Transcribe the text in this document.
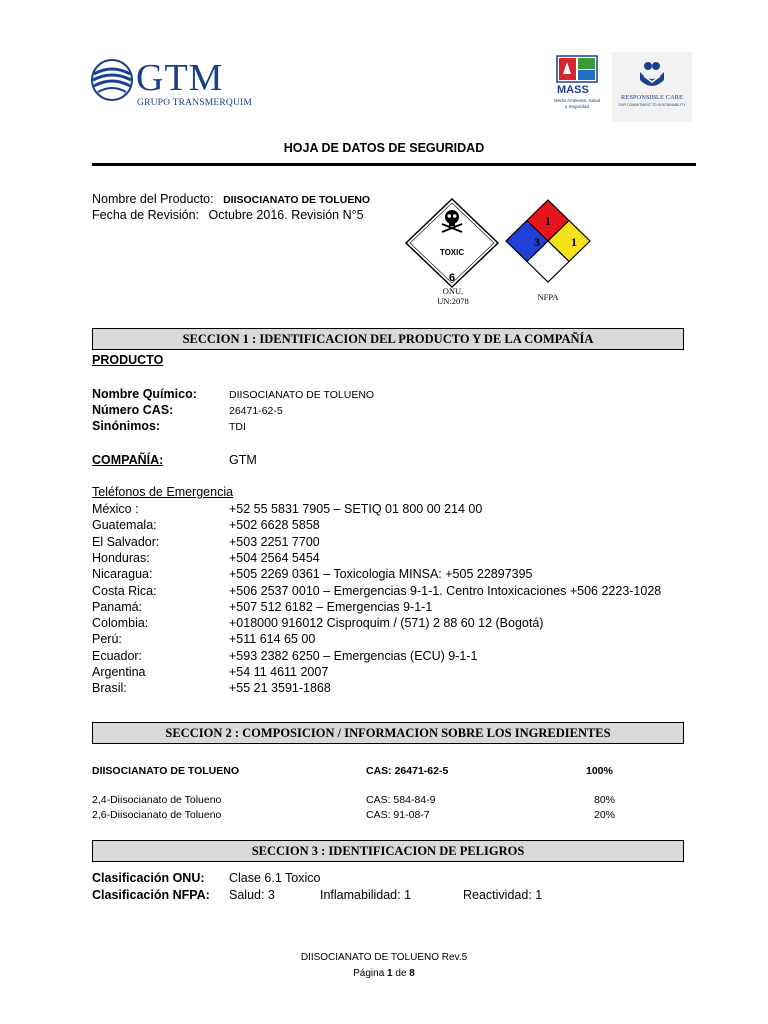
GTM
GRUPO TRANSMERQUIM
MASS
Medio Ambiente, Salud y Seguridad
RESPONSIBLE CARE
OUR COMMITMENT TO SUSTAINABILITY
HOJA DE DATOS DE SEGURIDAD
Nombre del Producto: DIISOCIANATO DE TOLUENO
Fecha de Revisión: Octubre 2016. Revisión N°5
TOXIC
6
ONU.
UN:2078
1
3	1
NFPA
SECCION 1 : IDENTIFICACION DEL PRODUCTO Y DE LA COMPAÑÍA
PRODUCTO
Nombre Químico:	DIISOCIANATO DE TOLUENO
Número CAS:	26471-62-5
Sinónimos:	TDI
COMPAÑÍA:	GTM
Teléfonos de Emergencia
México :	+52 55 5831 7905 – SETIQ 01 800 00 214 00
Guatemala:	+502 6628 5858
El Salvador:	+503 2251 7700
Honduras:	+504 2564 5454
Nicaragua:	+505 2269 0361 – Toxicologia MINSA: +505 22897395
Costa Rica:	+506 2537 0010 – Emergencias 9-1-1. Centro Intoxicaciones +506 2223-1028
Panamá:	+507 512 6182 – Emergencias 9-1-1
Colombia:	+018000 916012 Cisproquim / (571) 2 88 60 12 (Bogotá)
Perú:	+511 614 65 00
Ecuador:	+593 2382 6250 – Emergencias (ECU) 9-1-1
Argentina	+54 11 4611 2007
Brasil:	+55 21 3591-1868
SECCION 2 : COMPOSICION / INFORMACION SOBRE LOS INGREDIENTES
DIISOCIANATO DE TOLUENO	CAS: 26471-62-5	100%
2,4-Diisocianato de Tolueno	CAS: 584-84-9	80%
2,6-Diisocianato de Tolueno	CAS: 91-08-7	20%
SECCION 3 : IDENTIFICACION DE PELIGROS
Clasificación ONU: Clase 6.1 Toxico
Clasificación NFPA: Salud: 3	Inflamabilidad: 1	Reactividad: 1
DIISOCIANATO DE TOLUENO Rev.5
Página 1 de 8
